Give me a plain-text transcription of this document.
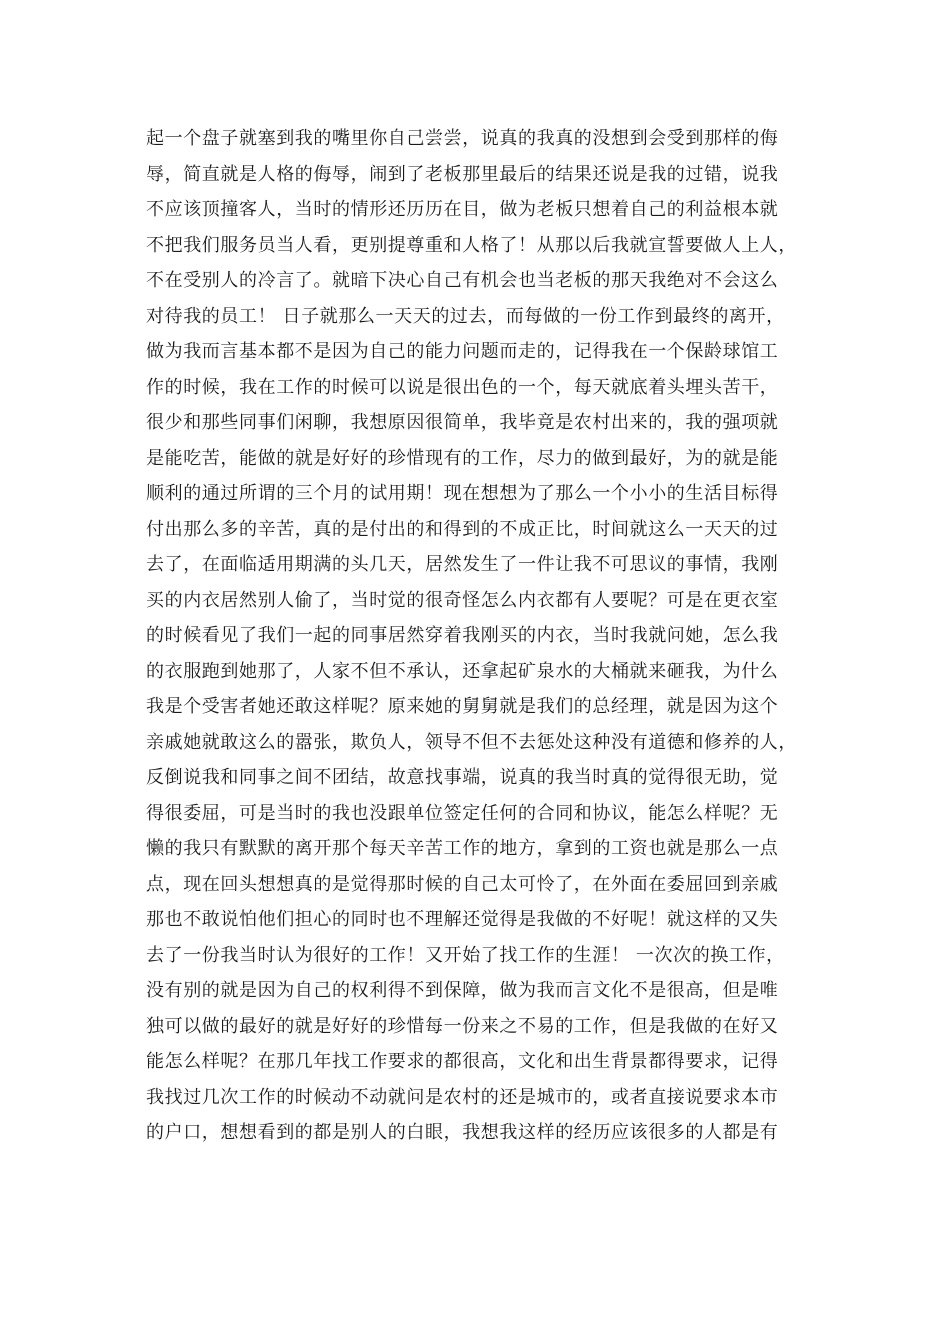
起一个盘子就塞到我的嘴里你自己尝尝，说真的我真的没想到会受到那样的侮
辱，简直就是人格的侮辱，闹到了老板那里最后的结果还说是我的过错，说我
不应该顶撞客人，当时的情形还历历在目，做为老板只想着自己的利益根本就
不把我们服务员当人看，更别提尊重和人格了！从那以后我就宣誓要做人上人，
不在受别人的冷言了。就暗下决心自己有机会也当老板的那天我绝对不会这么
对待我的员工！ 日子就那么一天天的过去，而每做的一份工作到最终的离开，
做为我而言基本都不是因为自己的能力问题而走的，记得我在一个保龄球馆工
作的时候，我在工作的时候可以说是很出色的一个，每天就底着头埋头苦干，
很少和那些同事们闲聊，我想原因很简单，我毕竟是农村出来的，我的强项就
是能吃苦，能做的就是好好的珍惜现有的工作，尽力的做到最好，为的就是能
顺利的通过所谓的三个月的试用期！现在想想为了那么一个小小的生活目标得
付出那么多的辛苦，真的是付出的和得到的不成正比，时间就这么一天天的过
去了，在面临适用期满的头几天，居然发生了一件让我不可思议的事情，我刚
买的内衣居然别人偷了，当时觉的很奇怪怎么内衣都有人要呢？可是在更衣室
的时候看见了我们一起的同事居然穿着我刚买的内衣，当时我就问她，怎么我
的衣服跑到她那了，人家不但不承认，还拿起矿泉水的大桶就来砸我，为什么
我是个受害者她还敢这样呢？原来她的舅舅就是我们的总经理，就是因为这个
亲戚她就敢这么的嚣张，欺负人，领导不但不去惩处这种没有道德和修养的人，
反倒说我和同事之间不团结，故意找事端，说真的我当时真的觉得很无助，觉
得很委屈，可是当时的我也没跟单位签定任何的合同和协议，能怎么样呢？无
懒的我只有默默的离开那个每天辛苦工作的地方，拿到的工资也就是那么一点
点，现在回头想想真的是觉得那时候的自己太可怜了，在外面在委屈回到亲戚
那也不敢说怕他们担心的同时也不理解还觉得是我做的不好呢！就这样的又失
去了一份我当时认为很好的工作！又开始了找工作的生涯！ 一次次的换工作，
没有别的就是因为自己的权利得不到保障，做为我而言文化不是很高，但是唯
独可以做的最好的就是好好的珍惜每一份来之不易的工作，但是我做的在好又
能怎么样呢？在那几年找工作要求的都很高，文化和出生背景都得要求，记得
我找过几次工作的时候动不动就问是农村的还是城市的，或者直接说要求本市
的户口，想想看到的都是别人的白眼，我想我这样的经历应该很多的人都是有
